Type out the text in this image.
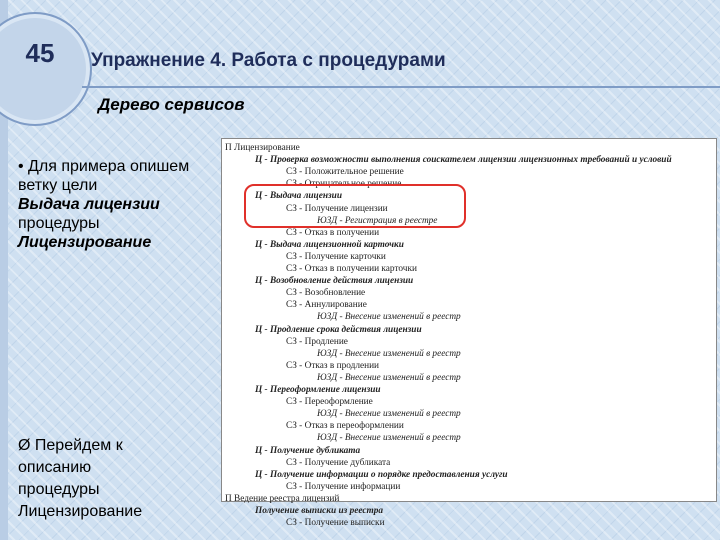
45	Упражнение 4. Работа с процедурами
Дерево сервисов
• Для примера опишем
ветку цели
Выдача лицензии
процедуры
Лицензирование
Ø Перейдем к
описанию
процедуры
Лицензирование
П Лицензирование
Ц - Проверка возможности выполнения соискателем лицензии лицензионных требований и условий
СЗ - Положительное решение
СЗ - Отрицательное решение
Ц - Выдача лицензии
СЗ - Получение лицензии
ЮЗД - Регистрация в реестре
СЗ - Отказ в получении
Ц - Выдача лицензионной карточки
СЗ - Получение карточки
СЗ - Отказ в получении карточки
Ц - Возобновление действия лицензии
СЗ - Возобновление
СЗ - Аннулирование
ЮЗД - Внесение изменений в реестр
Ц - Продление срока действия лицензии
СЗ - Продление
ЮЗД - Внесение изменений в реестр
СЗ - Отказ в продлении
ЮЗД - Внесение изменений в реестр
Ц - Переоформление лицензии
СЗ - Переоформление
ЮЗД - Внесение изменений в реестр
СЗ - Отказ в переоформлении
ЮЗД - Внесение изменений в реестр
Ц - Получение дубликата
СЗ - Получение дубликата
Ц - Получение информации о порядке предоставления услуги
СЗ - Получение информации
П Ведение реестра лицензий
Получение выписки из реестра
СЗ - Получение выписки
